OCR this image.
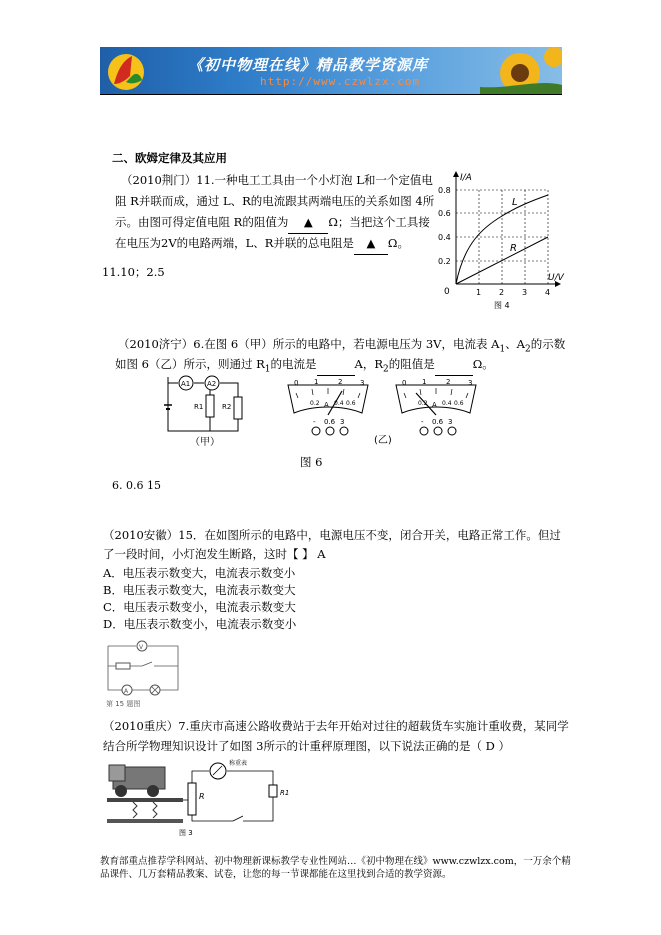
《初中物理在线》精品教学资源库
http://www.czwlzx.com
二、欧姆定律及其应用
（2010荆门）11.一种电工工具由一个小灯泡 L和一个定值电
阻 R并联而成，通过 L、R的电流跟其两端电压的关系如图 4所
示。由图可得定值电阻 R的阻值为 ▲ Ω；当把这个工具接
在电压为2V的电路两端，L、R并联的总电阻是 ▲ Ω。
11.10；2.5
I/A
U/V
0
0.2
0.4
0.6
0.8
1 2 3 4
L
R
图 4
（2010济宁）6.在图 6（甲）所示的电路中，若电源电压为 3V，电流表 $A_1$、$A_2$的示数
如图 6（乙）所示，则通过 $R_1$的电流是	A，$R_2$的阻值是	Ω。
A1 A2
R1	R2
（甲）
0 1	2	3
0.2 A 0.4 0.6
- 0.6 3
0 1	2	3
0.2 A 0.4 0.6
- 0.6 3
(乙)
图 6
6. 0.6 15
（2010安徽）15．在如图所示的电路中，电源电压不变，闭合开关，电路正常工作。但过
了一段时间，小灯泡发生断路，这时【 】 A
A．电压表示数变大，电流表示数变小
B．电压表示数变大，电流表示数变大
C．电压表示数变小，电流表示数变大
D．电压表示数变小，电流表示数变小
V
A
第 15 题图
（2010重庆）7.重庆市高速公路收费站于去年开始对过往的超载货车实施计重收费，某同学
结合所学物理知识设计了如图 3所示的计重秤原理图，以下说法正确的是（ D ）
R
称重表
R1
图 3
教育部重点推荐学科网站、初中物理新课标教学专业性网站…《初中物理在线》www.czwlzx.com，一万余个精品课件、几万套精品教案、试卷，让您的每一节课都能在这里找到合适的教学资源。
